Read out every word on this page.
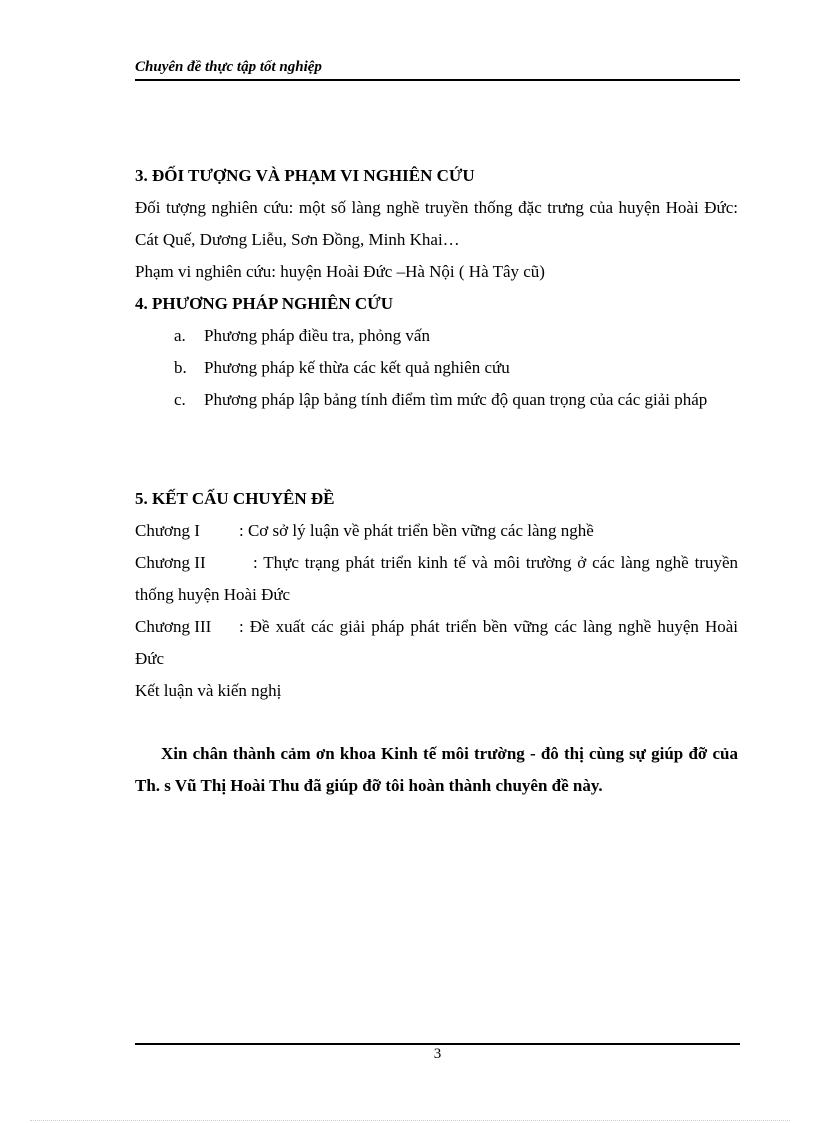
Chuyên đề thực tập tốt nghiệp

3. ĐỐI TƯỢNG VÀ PHẠM VI NGHIÊN CỨU

Đối tượng nghiên cứu: một số làng nghề truyền thống đặc trưng của huyện Hoài Đức: Cát Quế, Dương Liễu, Sơn Đồng, Minh Khai…

Phạm vi nghiên cứu: huyện Hoài Đức –Hà Nội ( Hà Tây cũ)

4. PHƯƠNG PHÁP NGHIÊN CỨU

a. Phương pháp điều tra, phỏng vấn
b. Phương pháp kế thừa các kết quả nghiên cứu
c. Phương pháp lập bảng tính điểm tìm mức độ quan trọng của các giải pháp

5. KẾT CẤU CHUYÊN ĐỀ

Chương I : Cơ sở lý luận về phát triển bền vững các làng nghề

Chương II	: Thực trạng phát triển kinh tế và môi trường ở các làng nghề truyền thống huyện Hoài Đức

Chương III : Đề xuất các giải pháp phát triển bền vững các làng nghề huyện Hoài Đức

Kết luận và kiến nghị

Xin chân thành cảm ơn khoa Kinh tế môi trường - đô thị cùng sự giúp đỡ của Th. s Vũ Thị Hoài Thu đã giúp đỡ tôi hoàn thành chuyên đề này.

3
